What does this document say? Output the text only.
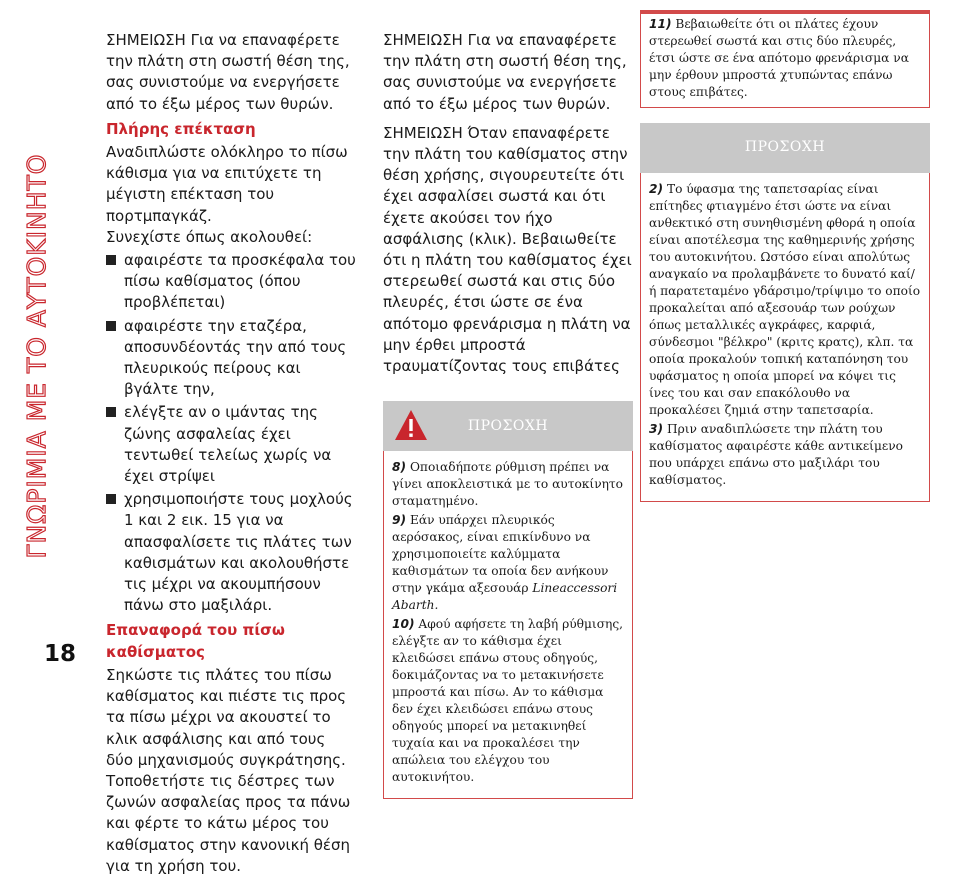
ΓΝΩΡΙΜΙΑ ΜΕ ΤΟ ΑΥΤΟΚΙΝΗΤΟ
18

ΣΗΜΕΙΩΣΗ Για να επαναφέρετε την πλάτη στη σωστή θέση της, σας συνιστούμε να ενεργήσετε από το έξω μέρος των θυρών.

Πλήρης επέκταση

Αναδιπλώστε ολόκληρο το πίσω κάθισμα για να επιτύχετε τη μέγιστη επέκταση του πορτμπαγκάζ.

Συνεχίστε όπως ακολουθεί:

αφαιρέστε τα προσκέφαλα του πίσω καθίσματος (όπου προβλέπεται)

αφαιρέστε την εταζέρα, αποσυνδέοντάς την από τους πλευρικούς πείρους και βγάλτε την,

ελέγξτε αν ο ιμάντας της ζώνης ασφαλείας έχει τεντωθεί τελείως χωρίς να έχει στρίψει

χρησιμοποιήστε τους μοχλούς 1 και 2 εικ. 15 για να απασφαλίσετε τις πλάτες των καθισμάτων και ακολουθήστε τις μέχρι να ακουμπήσουν πάνω στο μαξιλάρι.

Επαναφορά του πίσω καθίσματος

Σηκώστε τις πλάτες του πίσω καθίσματος και πιέστε τις προς τα πίσω μέχρι να ακουστεί το κλικ ασφάλισης και από τους δύο μηχανισμούς συγκράτησης.

Τοποθετήστε τις δέστρες των ζωνών ασφαλείας προς τα πάνω και φέρτε το κάτω μέρος του καθίσματος στην κανονική θέση για τη χρήση του.

ΣΗΜΕΙΩΣΗ Για να επαναφέρετε την πλάτη στη σωστή θέση της, σας συνιστούμε να ενεργήσετε από το έξω μέρος των θυρών.

ΣΗΜΕΙΩΣΗ Όταν επαναφέρετε την πλάτη του καθίσματος στην θέση χρήσης, σιγουρευτείτε ότι έχει ασφαλίσει σωστά και ότι έχετε ακούσει τον ήχο ασφάλισης (κλικ). Βεβαιωθείτε ότι η πλάτη του καθίσματος έχει στερεωθεί σωστά και στις δύο πλευρές, έτσι ώστε σε ένα απότομο φρενάρισμα η πλάτη να μην έρθει μπροστά τραυματίζοντας τους επιβάτες

ΠΡΟΣΟΧΗ

8) Οποιαδήποτε ρύθμιση πρέπει να γίνει αποκλειστικά με το αυτοκίνητο σταματημένο.

9) Εάν υπάρχει πλευρικός αερόσακος, είναι επικίνδυνο να χρησιμοποιείτε καλύμματα καθισμάτων τα οποία δεν ανήκουν στην γκάμα αξεσουάρ Lineaccessori Abarth.

10) Αφού αφήσετε τη λαβή ρύθμισης, ελέγξτε αν το κάθισμα έχει κλειδώσει επάνω στους οδηγούς, δοκιμάζοντας να το μετακινήσετε μπροστά και πίσω. Αν το κάθισμα δεν έχει κλειδώσει επάνω στους οδηγούς μπορεί να μετακινηθεί τυχαία και να προκαλέσει την απώλεια του ελέγχου του αυτοκινήτου.

11) Βεβαιωθείτε ότι οι πλάτες έχουν στερεωθεί σωστά και στις δύο πλευρές, έτσι ώστε σε ένα απότομο φρενάρισμα να μην έρθουν μπροστά χτυπώντας επάνω στους επιβάτες.

ΠΡΟΣΟΧΗ

2) Το ύφασμα της ταπετσαρίας είναι επίτηδες φτιαγμένο έτσι ώστε να είναι ανθεκτικό στη συνηθισμένη φθορά η οποία είναι αποτέλεσμα της καθημερινής χρήσης του αυτοκινήτου. Ωστόσο είναι απολύτως αναγκαίο να προλαμβάνετε το δυνατό καί/ή παρατεταμένο γδάρσιμο/τρίψιμο το οποίο προκαλείται από αξεσουάρ των ρούχων όπως μεταλλικές αγκράφες, καρφιά, σύνδεσμοι "βέλκρο" (κριτς κρατς), κλπ. τα οποία προκαλούν τοπική καταπόνηση του υφάσματος η οποία μπορεί να κόψει τις ίνες του και σαν επακόλουθο να προκαλέσει ζημιά στην ταπετσαρία.

3) Πριν αναδιπλώσετε την πλάτη του καθίσματος αφαιρέστε κάθε αντικείμενο που υπάρχει επάνω στο μαξιλάρι του καθίσματος.
